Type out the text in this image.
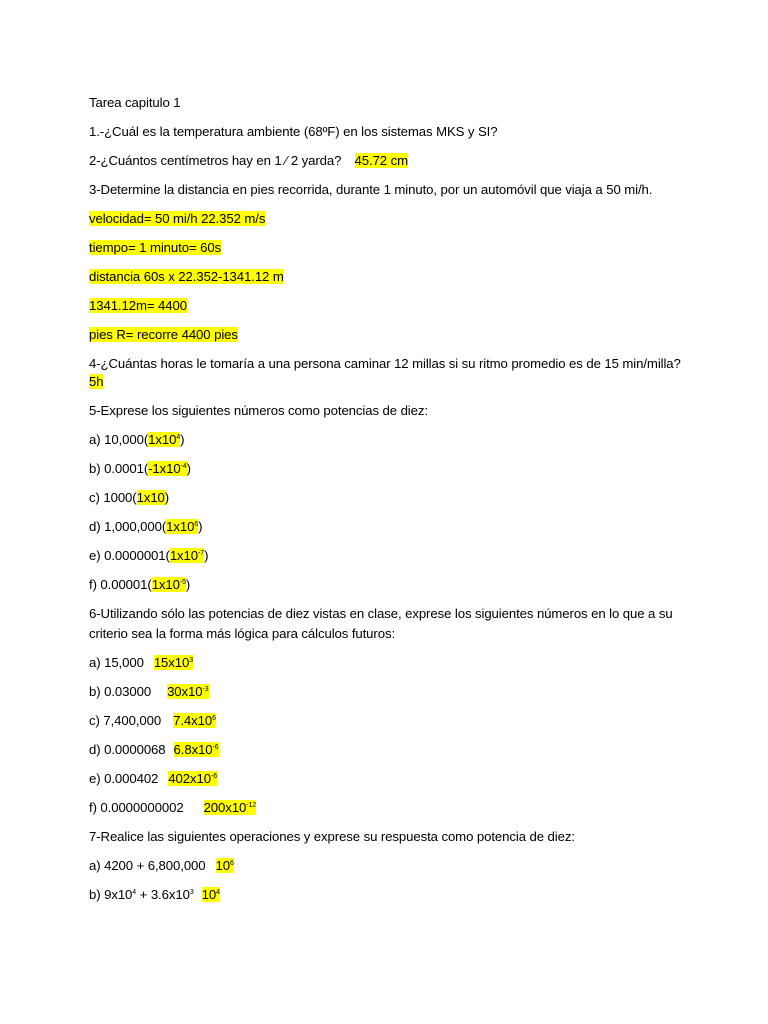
Tarea capitulo 1
1.-¿Cuál es la temperatura ambiente (68ºF) en los sistemas MKS y SI?
2-¿Cuántos centímetros hay en 1 ⁄ 2 yarda? 45.72 cm
3-Determine la distancia en pies recorrida, durante 1 minuto, por un automóvil que viaja a 50 mi/h.
velocidad= 50 mi/h 22.352 m/s
tiempo= 1 minuto= 60s
distancia 60s x 22.352-1341.12 m
1341.12m= 4400
pies R= recorre 4400 pies
4-¿Cuántas horas le tomaría a una persona caminar 12 millas si su ritmo promedio es de 15 min/milla?
5h
5-Exprese los siguientes números como potencias de diez:
a) $10,000(1x10^4)$
b) $0.0001(-1x10^{-4})$
c) 1000(1x10)
d) $1,000,000(1x10^6)$
e) $0.0000001(1x10^{-7})$
f) $0.00001(1x10^{-5})$
6-Utilizando sólo las potencias de diez vistas en clase, exprese los siguientes números en lo que a su
criterio sea la forma más lógica para cálculos futuros:
a) 15,000 $15x10^3$
b) 0.03000 $30x10^{-3}$
c) 7,400,000 $7.4x10^6$
d) 0.0000068 $6.8x10^{-6}$
e) 0.000402 $402x10^{-6}$
f) 0.0000000002 $200x10^{-12}$
7-Realice las siguientes operaciones y exprese su respuesta como potencia de diez:
a) 4200 + 6,800,000 $10^6$
b) $9x10^4 + 3.6x10^3$ $10^4$
